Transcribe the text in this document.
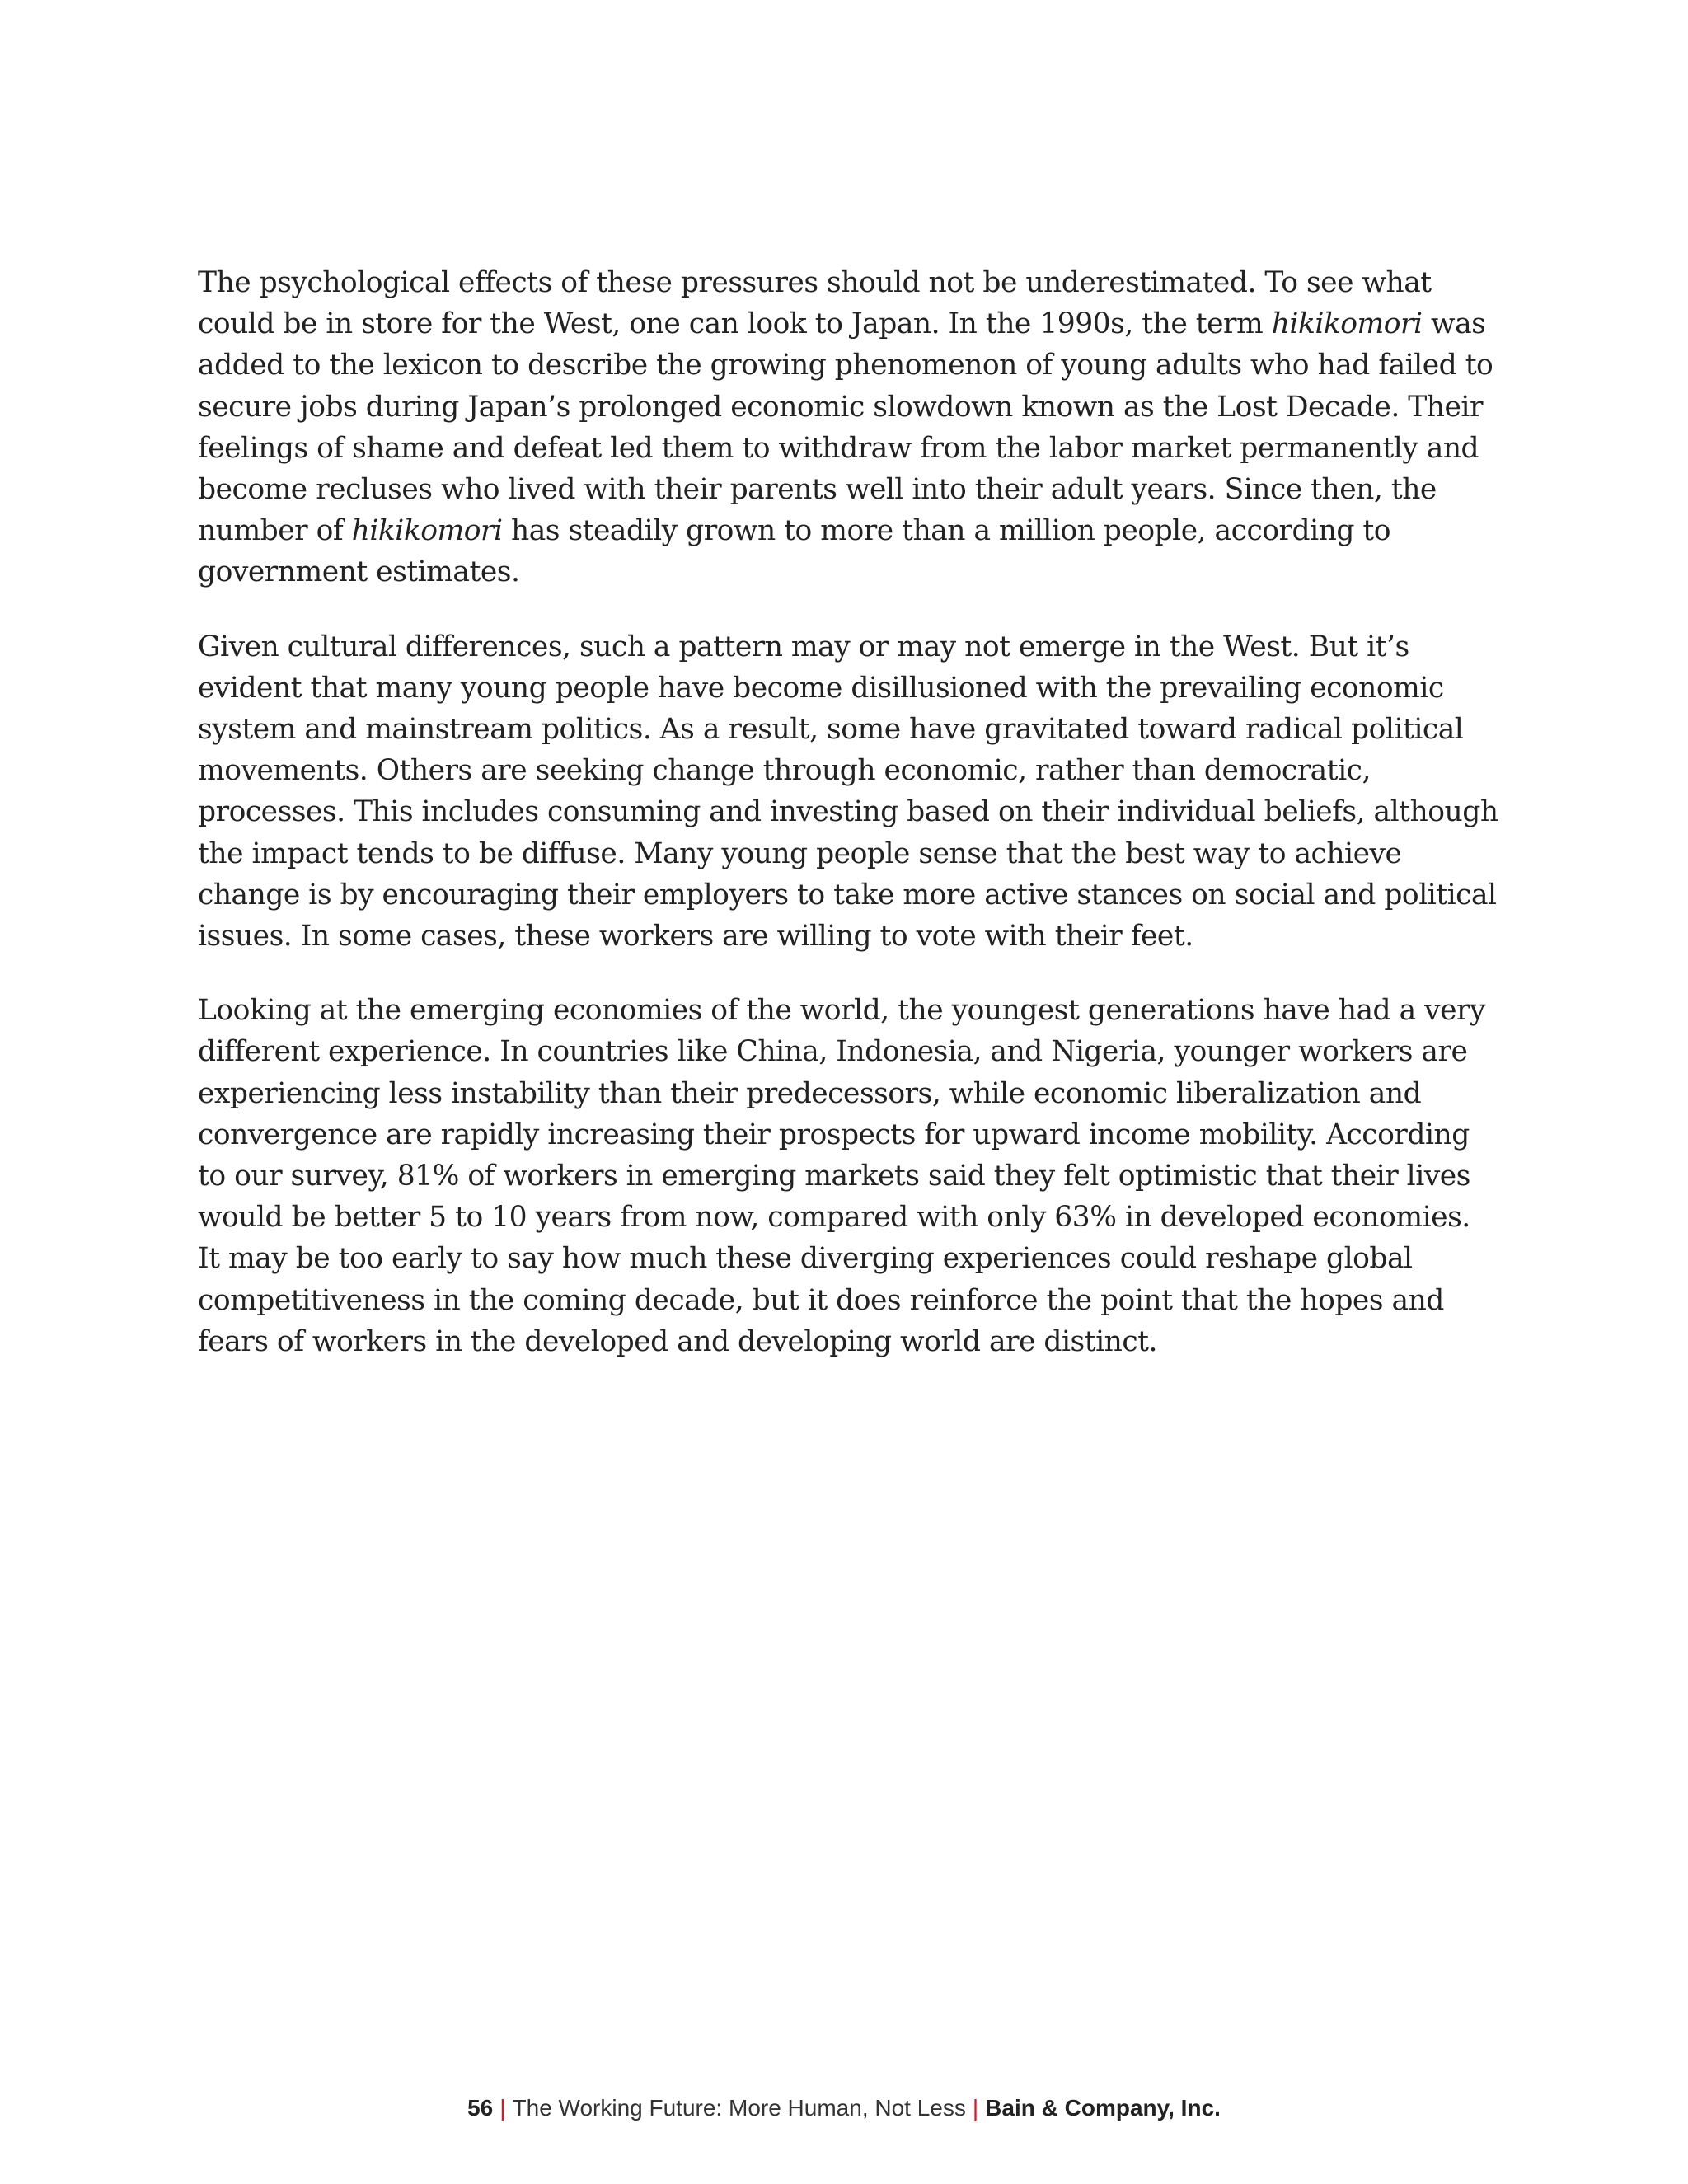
The psychological effects of these pressures should not be underestimated. To see what could be in store for the West, one can look to Japan. In the 1990s, the term hikikomori was added to the lexicon to describe the growing phenomenon of young adults who had failed to secure jobs during Japan’s prolonged economic slowdown known as the Lost Decade. Their feelings of shame and defeat led them to withdraw from the labor market permanently and become recluses who lived with their parents well into their adult years. Since then, the number of hikikomori has steadily grown to more than a million people, according to government estimates.

Given cultural differences, such a pattern may or may not emerge in the West. But it’s evident that many young people have become disillusioned with the prevailing economic system and mainstream politics. As a result, some have gravitated toward radical political movements. Others are seeking change through economic, rather than democratic, processes. This includes consuming and investing based on their individual beliefs, although the impact tends to be diffuse. Many young people sense that the best way to achieve change is by encouraging their employers to take more active stances on social and political issues. In some cases, these workers are willing to vote with their feet.

Looking at the emerging economies of the world, the youngest generations have had a very different experience. In countries like China, Indonesia, and Nigeria, younger workers are experiencing less instability than their predecessors, while economic liberalization and convergence are rapidly increasing their prospects for upward income mobility. According to our survey, 81% of workers in emerging markets said they felt optimistic that their lives would be better 5 to 10 years from now, compared with only 63% in developed economies. It may be too early to say how much these diverging experiences could reshape global competitiveness in the coming decade, but it does reinforce the point that the hopes and fears of workers in the developed and developing world are distinct.

56 | The Working Future: More Human, Not Less | Bain & Company, Inc.
